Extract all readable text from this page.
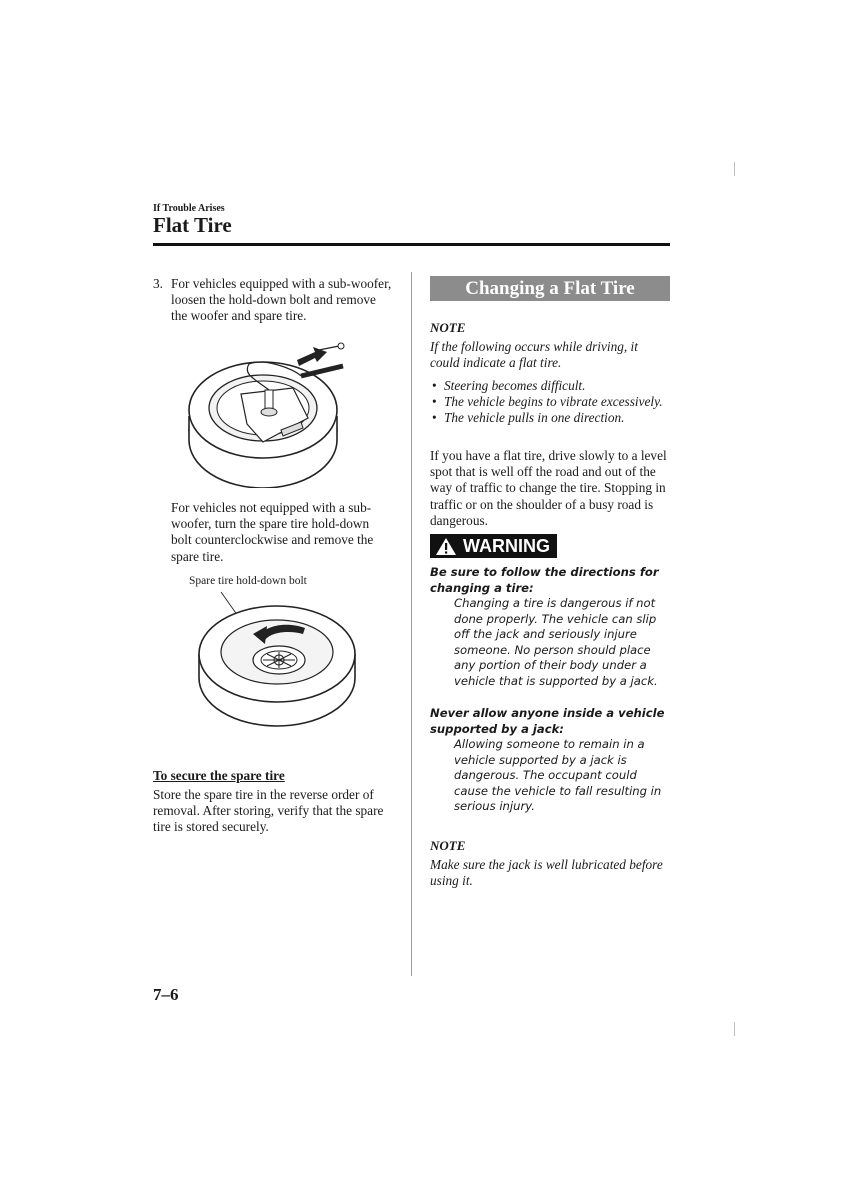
If Trouble Arises
Flat Tire
3. For vehicles equipped with a sub-woofer, loosen the hold-down bolt and remove the woofer and spare tire.

For vehicles not equipped with a sub-woofer, turn the spare tire hold-down bolt counterclockwise and remove the spare tire.

Spare tire hold-down bolt
To secure the spare tire

Store the spare tire in the reverse order of removal. After storing, verify that the spare tire is stored securely.

Changing a Flat Tire
NOTE

If the following occurs while driving, it could indicate a flat tire.

• Steering becomes difficult.
• The vehicle begins to vibrate excessively.
• The vehicle pulls in one direction.

If you have a flat tire, drive slowly to a level spot that is well off the road and out of the way of traffic to change the tire. Stopping in traffic or on the shoulder of a busy road is dangerous.

WARNING
Be sure to follow the directions for changing a tire:
Changing a tire is dangerous if not done properly. The vehicle can slip off the jack and seriously injure someone. No person should place any portion of their body under a vehicle that is supported by a jack.
Never allow anyone inside a vehicle supported by a jack:
Allowing someone to remain in a vehicle supported by a jack is dangerous. The occupant could cause the vehicle to fall resulting in serious injury.
NOTE

Make sure the jack is well lubricated before using it.

7–6
